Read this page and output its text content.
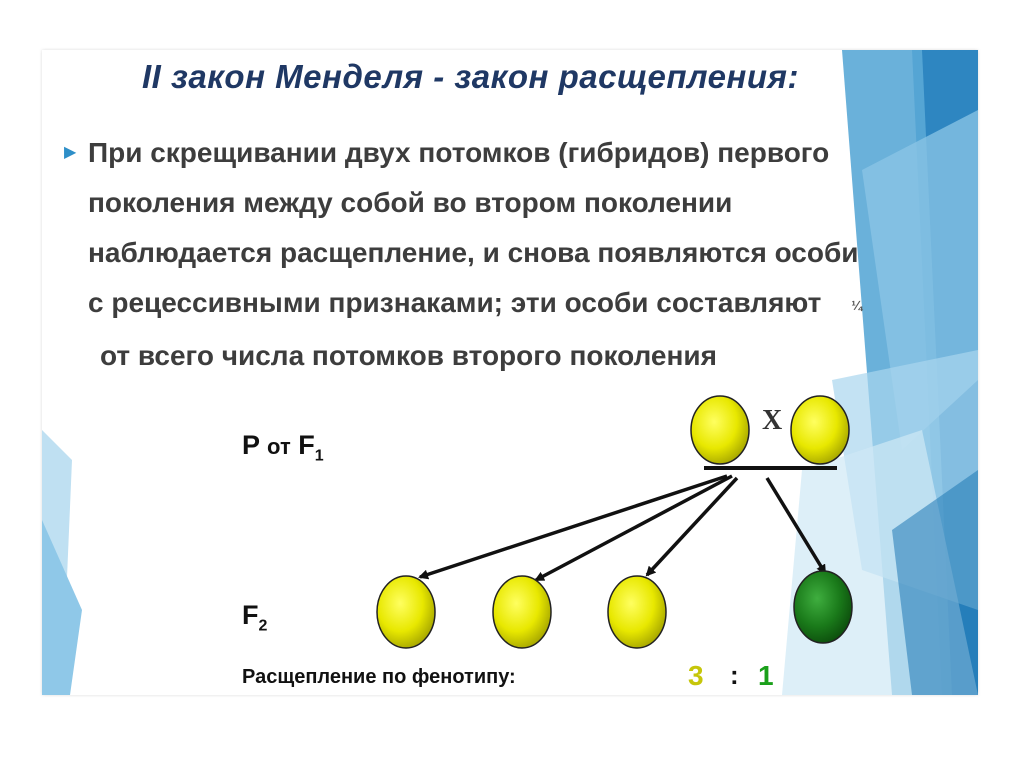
II закон Менделя - закон расщепления:
▶ При скрещивании двух потомков (гибридов) первого
поколения между собой во втором поколении
наблюдается расщепление, и снова появляются особи
с рецессивными признаками; эти особи составляют ¼
от всего числа потомков второго поколения
X
P от $F_1$
$F_2$
Расщепление по фенотипу:	3 : 1
